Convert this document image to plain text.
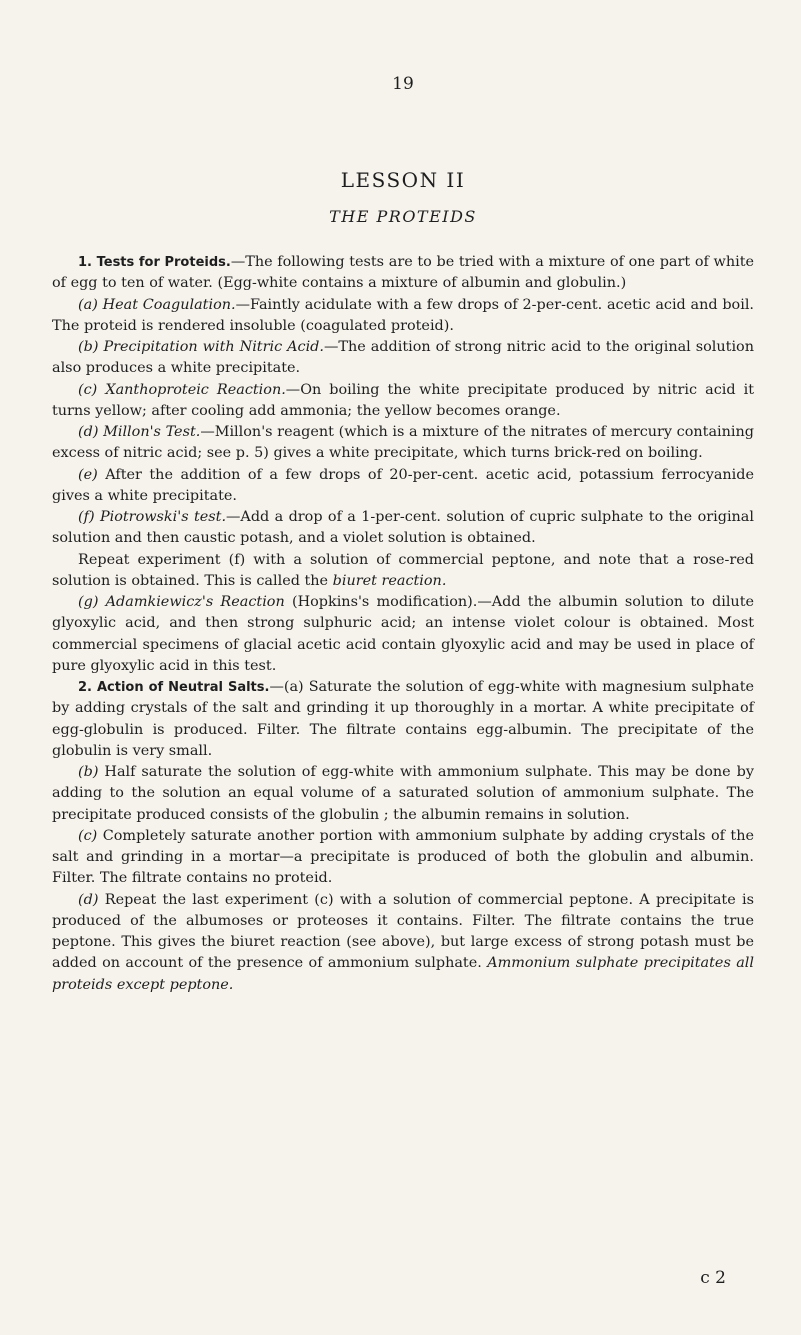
19
LESSON II
THE PROTEIDS

1. Tests for Proteids.—The following tests are to be tried with a mixture of one part of white of egg to ten of water. (Egg-white contains a mixture of albumin and globulin.)

(a) Heat Coagulation.—Faintly acidulate with a few drops of 2-per-cent. acetic acid and boil. The proteid is rendered insoluble (coagulated proteid).

(b) Precipitation with Nitric Acid.—The addition of strong nitric acid to the original solution also produces a white precipitate.

(c) Xanthoproteic Reaction.—On boiling the white precipitate produced by nitric acid it turns yellow; after cooling add ammonia; the yellow becomes orange.

(d) Millon's Test.—Millon's reagent (which is a mixture of the nitrates of mercury containing excess of nitric acid; see p. 5) gives a white precipitate, which turns brick-red on boiling.

(e) After the addition of a few drops of 20-per-cent. acetic acid, potassium ferrocyanide gives a white precipitate.

(f) Piotrowski's test.—Add a drop of a 1-per-cent. solution of cupric sulphate to the original solution and then caustic potash, and a violet solution is obtained.

Repeat experiment (f) with a solution of commercial peptone, and note that a rose-red solution is obtained. This is called the biuret reaction.

(g) Adamkiewicz's Reaction (Hopkins's modification).—Add the albumin solution to dilute glyoxylic acid, and then strong sulphuric acid; an intense violet colour is obtained. Most commercial specimens of glacial acetic acid contain glyoxylic acid and may be used in place of pure glyoxylic acid in this test.

2. Action of Neutral Salts.—(a) Saturate the solution of egg-white with magnesium sulphate by adding crystals of the salt and grinding it up thoroughly in a mortar. A white precipitate of egg-globulin is produced. Filter. The filtrate contains egg-albumin. The precipitate of the globulin is very small.

(b) Half saturate the solution of egg-white with ammonium sulphate. This may be done by adding to the solution an equal volume of a saturated solution of ammonium sulphate. The precipitate produced consists of the globulin ; the albumin remains in solution.

(c) Completely saturate another portion with ammonium sulphate by adding crystals of the salt and grinding in a mortar—a precipitate is produced of both the globulin and albumin. Filter. The filtrate contains no proteid.

(d) Repeat the last experiment (c) with a solution of commercial peptone. A precipitate is produced of the albumoses or proteoses it contains. Filter. The filtrate contains the true peptone. This gives the biuret reaction (see above), but large excess of strong potash must be added on account of the presence of ammonium sulphate. Ammonium sulphate precipitates all proteids except peptone.

c 2
